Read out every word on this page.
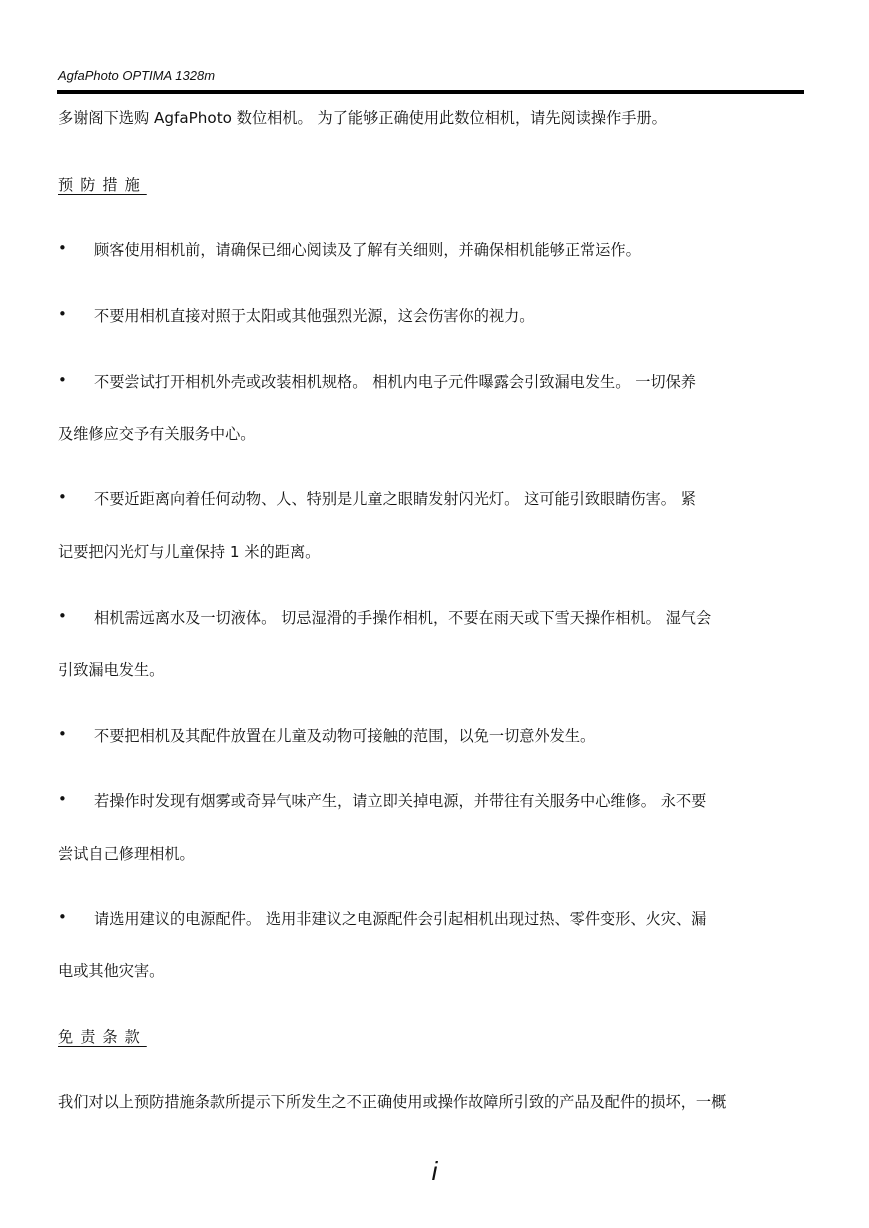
AgfaPhoto OPTIMA 1328m
多谢阁下选购 AgfaPhoto 数位相机。 为了能够正确使用此数位相机，请先阅读操作手册。
预防措施
• 顾客使用相机前，请确保已细心阅读及了解有关细则，并确保相机能够正常运作。
• 不要用相机直接对照于太阳或其他强烈光源，这会伤害你的视力。
• 不要尝试打开相机外壳或改装相机规格。 相机内电子元件曝露会引致漏电发生。 一切保养
及维修应交予有关服务中心。
• 不要近距离向着任何动物、人、特别是儿童之眼睛发射闪光灯。 这可能引致眼睛伤害。 紧
记要把闪光灯与儿童保持 1 米的距离。
• 相机需远离水及一切液体。 切忌湿滑的手操作相机，不要在雨天或下雪天操作相机。 湿气会
引致漏电发生。
• 不要把相机及其配件放置在儿童及动物可接触的范围，以免一切意外发生。
• 若操作时发现有烟雾或奇异气味产生，请立即关掉电源，并带往有关服务中心维修。 永不要
尝试自己修理相机。
• 请选用建议的电源配件。 选用非建议之电源配件会引起相机出现过热、零件变形、火灾、漏
电或其他灾害。
免责条款
我们对以上预防措施条款所提示下所发生之不正确使用或操作故障所引致的产品及配件的损坏，一概
i
